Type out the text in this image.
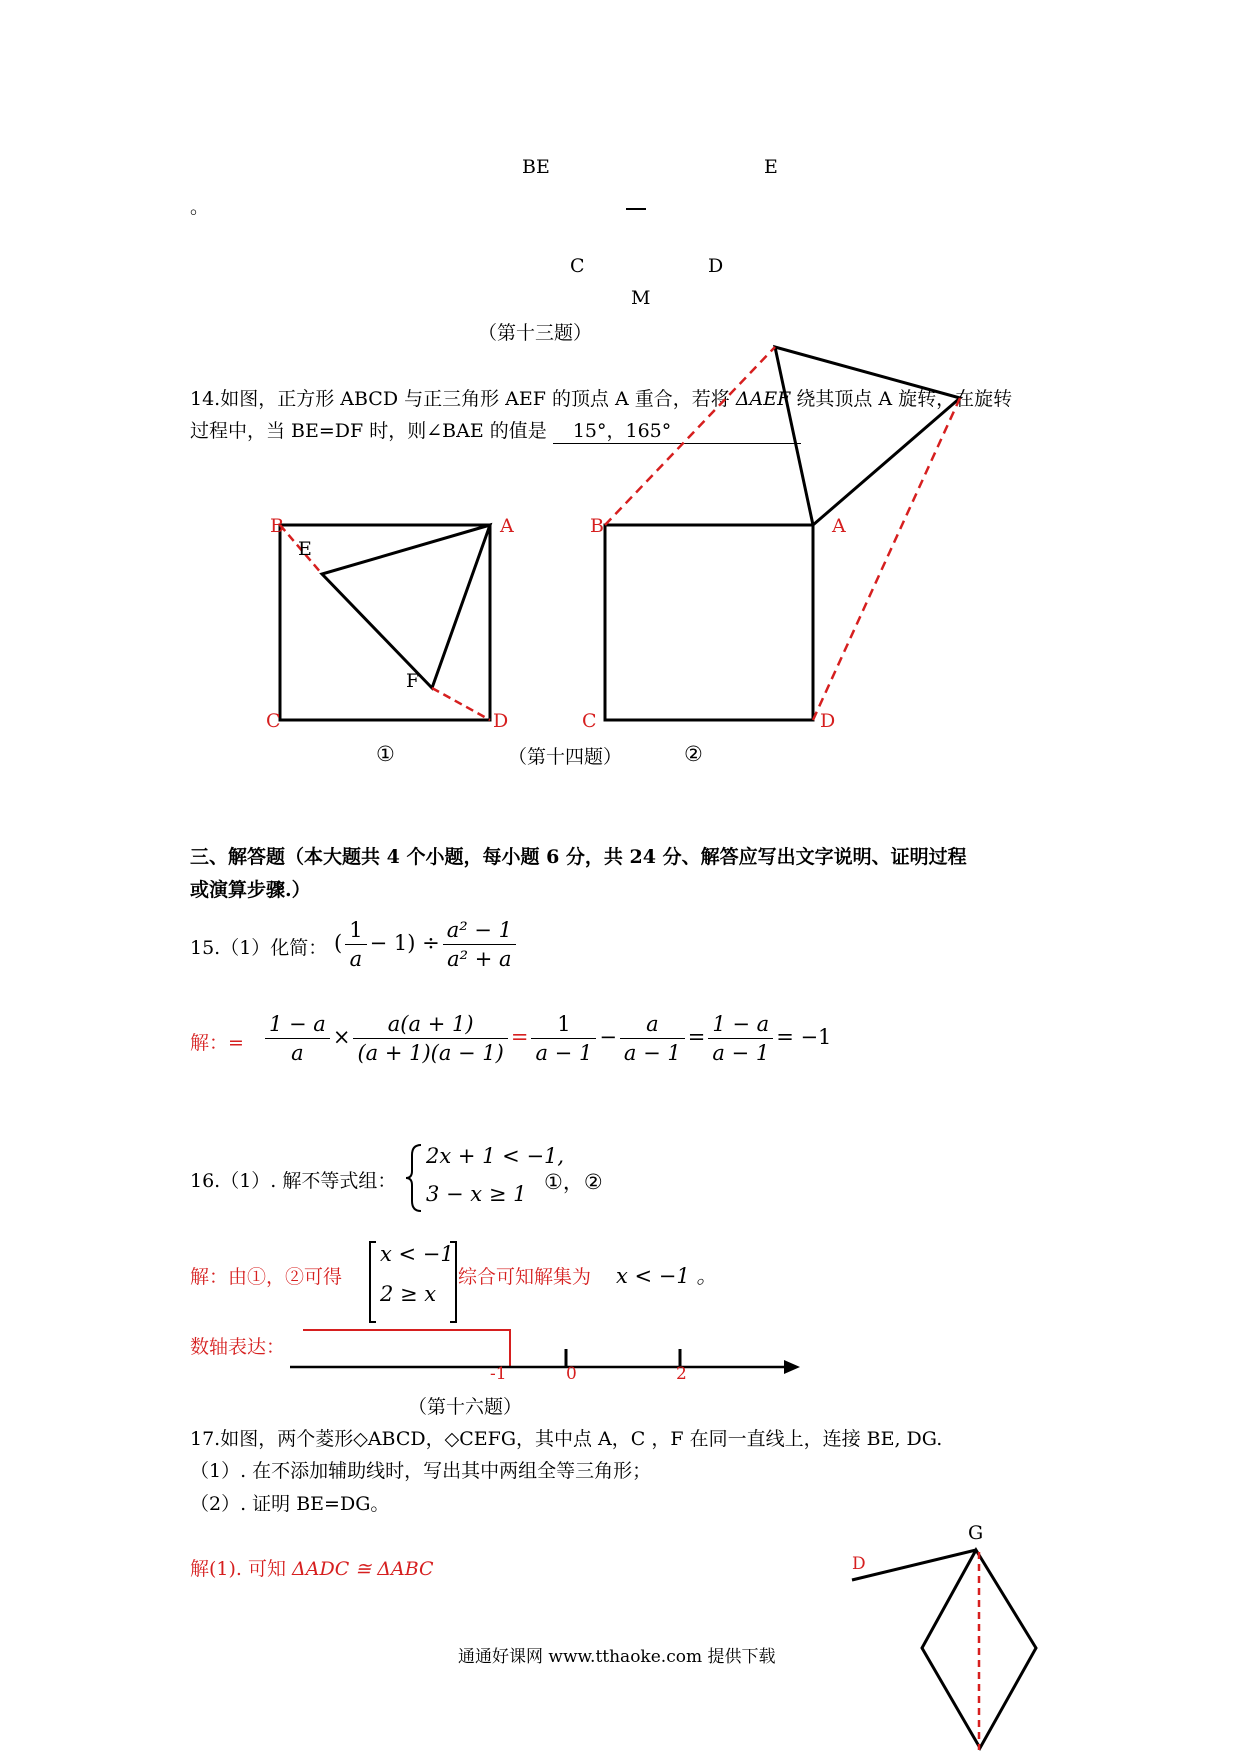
BE	E
。
C	D
M
（第十三题）
14.如图，正方形 ABCD 与正三角形 AEF 的顶点 A 重合，若将 ΔAEF 绕其顶点 A 旋转，在旋转
过程中，当 BE=DF 时，则∠BAE 的值是 15°，165°
B	A
E
F
C	D
B	A
C	D
①	（第十四题）	②
三、解答题（本大题共 4 个小题，每小题 6 分，共 24 分、解答应写出文字说明、证明过程
或演算步骤.）
15.（1）化简： ( $\frac{1}{a} - 1) \div \frac{\text{a² − 1}}{\text{a² + a}}$
解：= $\frac{1 - a}{a} \times \frac{a(a + 1)}{(a + 1)(a - 1)} = \frac{1}{a - 1} - \frac{a}{a - 1} = \frac{1 - a}{a - 1} = -1$
16.（1）. 解不等式组：
2x + 1 < −1,
3 − x ≥ 1 ①，②
解：由①，②可得
x < −1
2 ≥ x
综合可知解集为 x < −1 。
数轴表达：
-1	0	2
（第十六题）
17.如图，两个菱形◇ABCD，◇CEFG，其中点 A，C ，F 在同一直线上，连接 BE, DG.
（1）. 在不添加辅助线时，写出其中两组全等三角形；
（2）. 证明 BE=DG。
解(1). 可知 ΔADC ≅ ΔABC
G
D
通通好课网 www.tthaoke.com 提供下载
